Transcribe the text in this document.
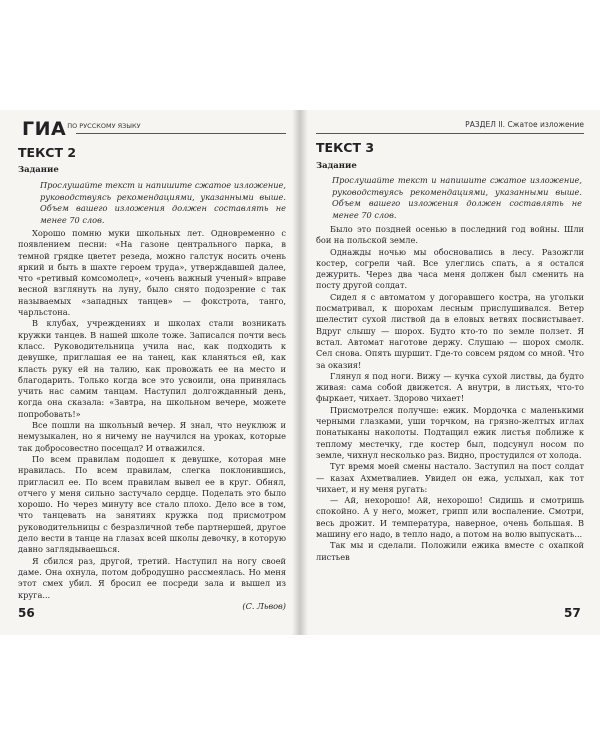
$ГИА^{ПО РУССКОМУ ЯЗЫКУ}$
ТЕКСТ 2
Задание
Прослушайте текст и напишите сжатое изложение, руководствуясь рекомендациями, указанными выше. Объем вашего изложения должен составлять не менее 70 слов.

Хорошо помню муки школьных лет. Одновременно с появлением песни: «На газоне центрального парка, в темной грядке цветет резеда, можно галстук носить очень яркий и быть в шахте героем труда», утверждавшей далее, что «ретивый комсомолец», «очень важный ученый» вправе весной взглянуть на луну, было снято подозрение с так называемых «западных танцев» — фокстрота, танго, чарльстона.

В клубах, учреждениях и школах стали возникать кружки танцев. В нашей школе тоже. Записался почти весь класс. Руководительница учила нас, как подходить к девушке, приглашая ее на танец, как кланяться ей, как класть руку ей на талию, как провожать ее на место и благодарить. Только когда все это усвоили, она принялась учить нас самим танцам. Наступил долгожданный день, когда она сказала: «Завтра, на школьном вечере, можете попробовать!»

Все пошли на школьный вечер. Я знал, что неуклюж и немузыкален, но я ничему не научился на уроках, которые так добросовестно посещал? И отважился.

По всем правилам подошел к девушке, которая мне нравилась. По всем правилам, слегка поклонившись, пригласил ее. По всем правилам вывел ее в круг. Обнял, отчего у меня сильно застучало сердце. Поделать это было хорошо. Но через минуту все стало плохо. Дело все в том, что танцевать на занятиях кружка под присмотром руководительницы с безразличной тебе партнершей, другое дело вести в танце на глазах всей школы девочку, в которую давно заглядываешься.

Я сбился раз, другой, третий. Наступил на ногу своей даме. Она охнула, потом добродушно рассмеялась. Но меня этот смех убил. Я бросил ее посреди зала и вышел из круга...

(С. Львов)
56
РАЗДЕЛ II. Сжатое изложение
ТЕКСТ 3
Задание
Прослушайте текст и напишите сжатое изложение, руководствуясь рекомендациями, указанными выше. Объем вашего изложения должен составлять не менее 70 слов.

Было это поздней осенью в последний год войны. Шли бои на польской земле.

Однажды ночью мы обосновались в лесу. Разожгли костер, согрели чай. Все улеглись спать, а я остался дежурить. Через два часа меня должен был сменить на посту другой солдат.

Сидел я с автоматом у догоравшего костра, на угольки посматривал, к шорохам лесным прислушивался. Ветер шелестит сухой листвой да в еловых ветвях посвистывает. Вдруг слышу — шорох. Будто кто-то по земле ползет. Я встал. Автомат наготове держу. Слушаю — шорох смолк. Сел снова. Опять шуршит. Где-то совсем рядом со мной. Что за оказия!

Глянул я под ноги. Вижу — кучка сухой листвы, да будто живая: сама собой движется. А внутри, в листьях, что-то фыркает, чихает. Здорово чихает!

Присмотрелся получше: ежик. Мордочка с маленькими черными глазками, уши торчком, на грязно-желтых иглах понатыканы наколоты. Подтащил ежик листья поближе к теплому местечку, где костер был, подсунул носом по земле, чихнул несколько раз. Видно, простудился от холода.

Тут время моей смены настало. Заступил на пост солдат — казах Ахметвалиев. Увидел он ежа, услыхал, как тот чихает, и ну меня ругать:

— Ай, нехорошо! Ай, нехорошо! Сидишь и смотришь спокойно. А у него, может, грипп или воспаление. Смотри, весь дрожит. И температура, наверное, очень большая. В машину его надо, в тепло надо, а потом на волю выпускать...

Так мы и сделали. Положили ежика вместе с охапкой листьев

57
